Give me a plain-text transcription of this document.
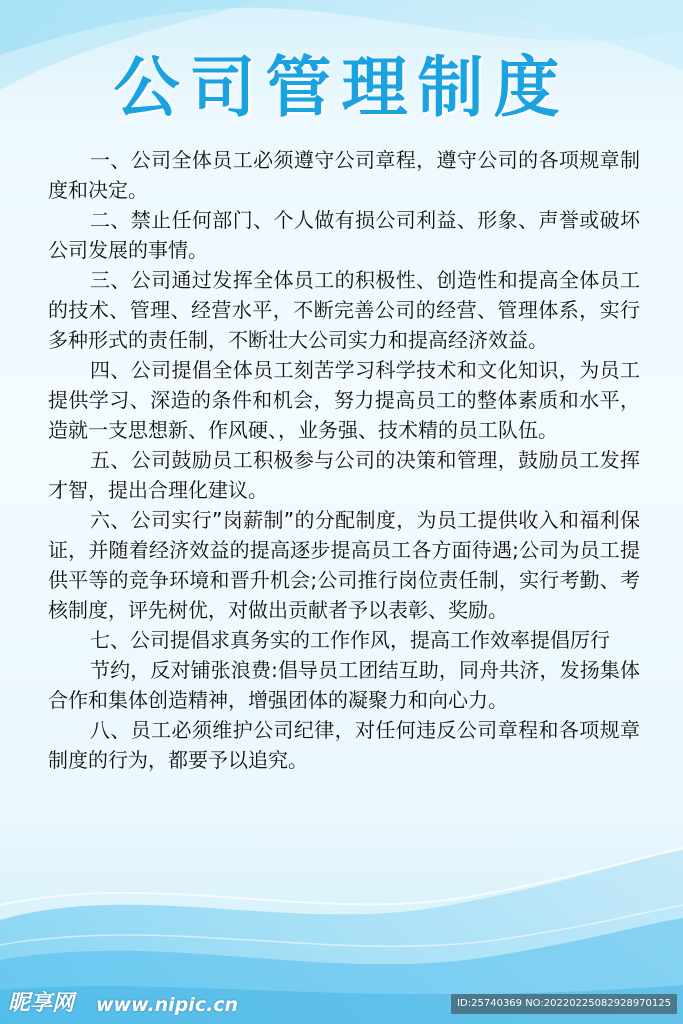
公司管理制度

一、公司全体员工必须遵守公司章程，遵守公司的各项规章制度和决定。

二、禁止任何部门、个人做有损公司利益、形象、声誉或破坏公司发展的事情。

三、公司通过发挥全体员工的积极性、创造性和提高全体员工的技术、管理、经营水平，不断完善公司的经营、管理体系，实行多种形式的责任制，不断壮大公司实力和提高经济效益。

四、公司提倡全体员工刻苦学习科学技术和文化知识，为员工提供学习、深造的条件和机会，努力提高员工的整体素质和水平，造就一支思想新、作风硬、，业务强、技术精的员工队伍。

五、公司鼓励员工积极参与公司的决策和管理，鼓励员工发挥才智，提出合理化建议。

六、公司实行”岗薪制”的分配制度，为员工提供收入和福利保证，并随着经济效益的提高逐步提高员工各方面待遇;公司为员工提供平等的竞争环境和晋升机会;公司推行岗位责任制，实行考勤、考核制度，评先树优，对做出贡献者予以表彰、奖励。

七、公司提倡求真务实的工作作风，提高工作效率提倡厉行

节约，反对铺张浪费:倡导员工团结互助，同舟共济，发扬集体合作和集体创造精神，增强团体的凝聚力和向心力。

八、员工必须维护公司纪律，对任何违反公司章程和各项规章制度的行为，都要予以追究。

昵享网 www.nipic.cn	ID:25740369 NO:20220225082928970125
